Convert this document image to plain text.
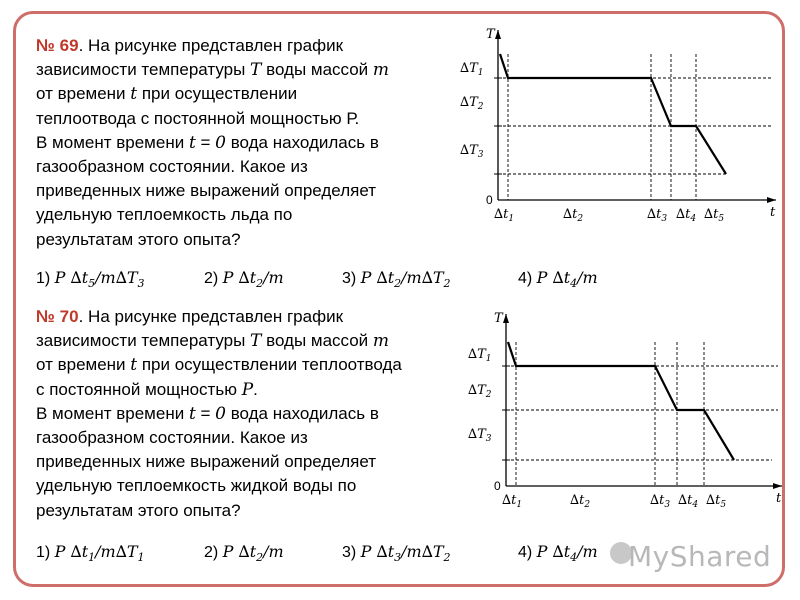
№ 69. На рисунке представлен график
зависимости температуры T воды массой m
от времени t при осуществлении
теплоотвода с постоянной мощностью Р.
В момент времени t = 0 вода находилась в
газообразном состоянии. Какое из
приведенных ниже выражений определяет
удельную теплоемкость льда по
результатам этого опыта?
№ 70. На рисунке представлен график
зависимости температуры T воды массой m
от времени t при осуществлении теплоотвода
с постоянной мощностью P.
В момент времени t = 0 вода находилась в
газообразном состоянии. Какое из
приведенных ниже выражений определяет
удельную теплоемкость жидкой воды по
результатам этого опыта?
1) P $\Delta t_5/m\Delta T_3$	2) P $\Delta t_2/m$	3) P $\Delta t_2/m\Delta T_2$	4) P $\Delta t_4/m$
1) P $\Delta t_1/m\Delta T_1$	2) P $\Delta t_2/m$	3) P $\Delta t_3/m\Delta T_2$	4) P $\Delta t_4/m$
T
t
0
$\Delta T_1$
$\Delta T_2$
$\Delta T_3$
$\Delta t_1$	$\Delta t_2$	$\Delta t_3$ $\Delta t_4$ $\Delta t_5$
T
t
0
$\Delta T_1$
$\Delta T_2$
$\Delta T_3$
$\Delta t_1$	$\Delta t_2$	$\Delta t_3$ $\Delta t_4$ $\Delta t_5$
MyShared
